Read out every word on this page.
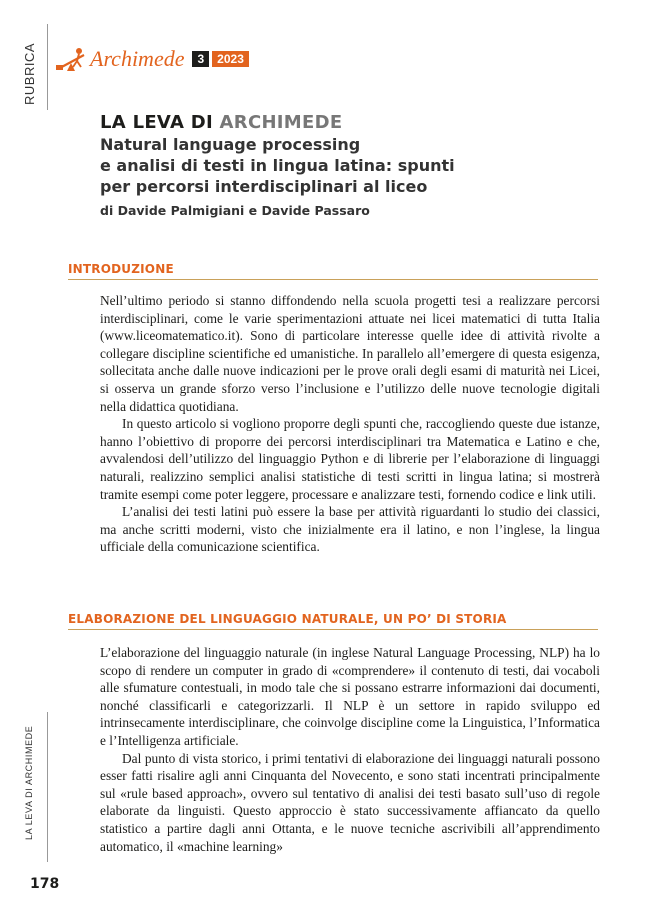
RUBRICA
LA LEVA DI ARCHIMEDE
Archimede	3	2023
LA LEVA DI ARCHIMEDE
Natural language processing
e analisi di testi in lingua latina: spunti
per percorsi interdisciplinari al liceo
di Davide Palmigiani e Davide Passaro
INTRODUZIONE

Nell’ultimo periodo si stanno diffondendo nella scuola progetti tesi a realizzare percorsi interdisciplinari, come le varie sperimentazioni attuate nei licei matematici di tutta Italia (www.liceomatematico.it). Sono di particolare interesse quelle idee di attività rivolte a collegare discipline scientifiche ed umanistiche. In parallelo all’emergere di questa esigenza, sollecitata anche dalle nuove indicazioni per le prove orali degli esami di maturità nei Licei, si osserva un grande sforzo verso l’inclusione e l’utilizzo delle nuove tecnologie digitali nella didattica quotidiana.

In questo articolo si vogliono proporre degli spunti che, raccogliendo queste due istanze, hanno l’obiettivo di proporre dei percorsi interdisciplinari tra Matematica e Latino e che, avvalendosi dell’utilizzo del linguaggio Python e di librerie per l’elaborazione di linguaggi naturali, realizzino semplici analisi statistiche di testi scritti in lingua latina; si mostrerà tramite esempi come poter leggere, processare e analizzare testi, fornendo codice e link utili.

L’analisi dei testi latini può essere la base per attività riguardanti lo studio dei classici, ma anche scritti moderni, visto che inizialmente era il latino, e non l’inglese, la lingua ufficiale della comunicazione scientifica.

ELABORAZIONE DEL LINGUAGGIO NATURALE, UN PO’ DI STORIA

L’elaborazione del linguaggio naturale (in inglese Natural Language Processing, NLP) ha lo scopo di rendere un computer in grado di «comprendere» il contenuto di testi, dai vocaboli alle sfumature contestuali, in modo tale che si possano estrarre informazioni dai documenti, nonché classificarli e categorizzarli. Il NLP è un settore in rapido sviluppo ed intrinsecamente interdisciplinare, che coinvolge discipline come la Linguistica, l’Informatica e l’Intelligenza artificiale.

Dal punto di vista storico, i primi tentativi di elaborazione dei linguaggi naturali possono esser fatti risalire agli anni Cinquanta del Novecento, e sono stati incentrati principalmente sul «rule based approach», ovvero sul tentativo di analisi dei testi basato sull’uso di regole elaborate da linguisti. Questo approccio è stato successivamente affiancato da quello statistico a partire dagli anni Ottanta, e le nuove tecniche ascrivibili all’apprendimento automatico, il «machine learning»

178
